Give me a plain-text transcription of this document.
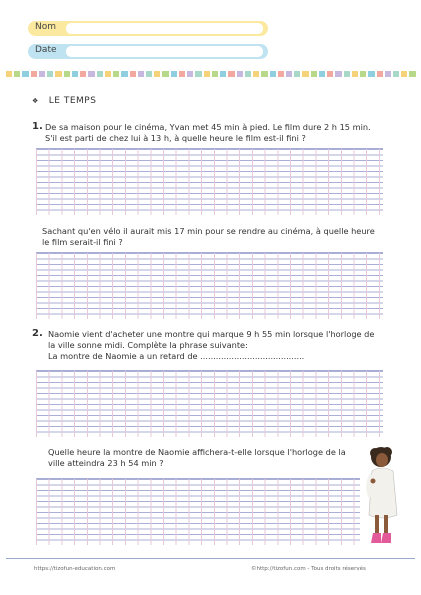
Nom
Date
❖ LE TEMPS
1. De sa maison pour le cinéma, Yvan met 45 min à pied. Le film dure 2 h 15 min.
S'il est parti de chez lui à 13 h, à quelle heure le film est-il fini ?
Sachant qu'en vélo il aurait mis 17 min pour se rendre au cinéma, à quelle heure
le film serait-il fini ?
2. Naomie vient d'acheter une montre qui marque 9 h 55 min lorsque l'horloge de
la ville sonne midi. Complète la phrase suivante:
La montre de Naomie a un retard de ........................................
Quelle heure la montre de Naomie affichera-t-elle lorsque l'horloge de la
ville atteindra 23 h 54 min ?
https://tizofun-education.com	©http://tizofun.com - Tous droits réservés
